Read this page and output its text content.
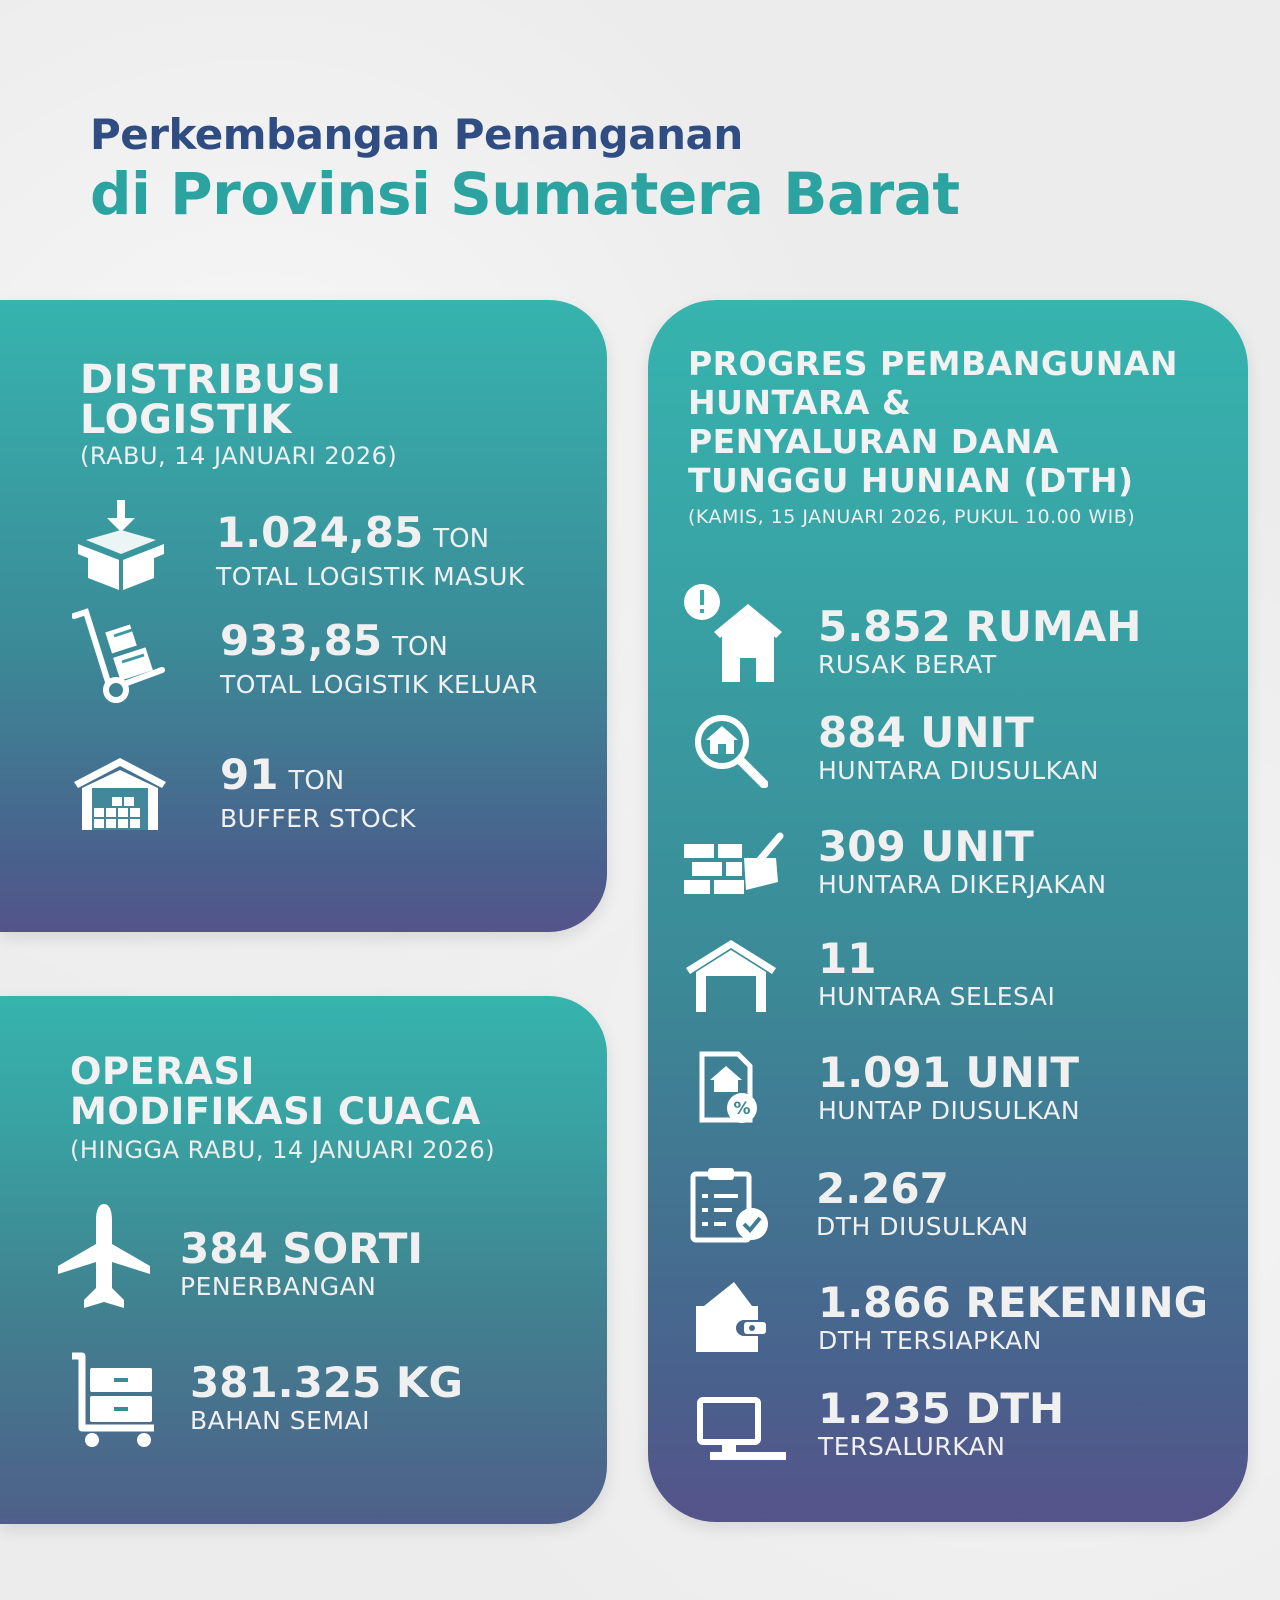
Perkembangan Penanganan
di Provinsi Sumatera Barat
DISTRIBUSI
LOGISTIK
(RABU, 14 JANUARI 2026)
1.024,85 TON
TOTAL LOGISTIK MASUK
933,85 TON
TOTAL LOGISTIK KELUAR
91 TON
BUFFER STOCK
OPERASI
MODIFIKASI CUACA
(HINGGA RABU, 14 JANUARI 2026)
384 SORTI
PENERBANGAN
381.325 KG
BAHAN SEMAI
PROGRES PEMBANGUNAN
HUNTARA &
PENYALURAN DANA
TUNGGU HUNIAN (DTH)
(KAMIS, 15 JANUARI 2026, PUKUL 10.00 WIB)
5.852 RUMAH
RUSAK BERAT
884 UNIT
HUNTARA DIUSULKAN
309 UNIT
HUNTARA DIKERJAKAN
11
HUNTARA SELESAI
%
1.091 UNIT
HUNTAP DIUSULKAN
2.267
DTH DIUSULKAN
1.866 REKENING
DTH TERSIAPKAN
1.235 DTH
TERSALURKAN
